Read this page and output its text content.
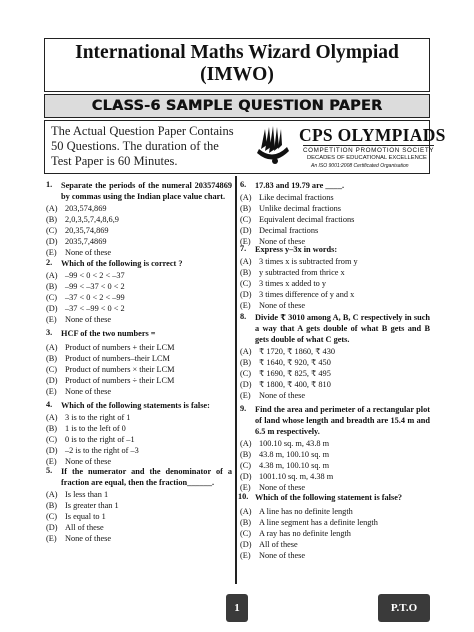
International Maths Wizard Olympiad
(IMWO)
CLASS-6 SAMPLE QUESTION PAPER
The Actual Question Paper Contains 50 Questions. The duration of the Test Paper is 60 Minutes.
CPS OLYMPIADS
COMPETITION PROMOTION SOCIETY
DECADES OF EDUCATIONAL EXCELLENCE
An ISO 9001:2008 Certificated Organisation
1. Separate the periods of the numeral 203574869 by commas using the Indian place value chart.
(A) 203,574,869
(B) 2,0,3,5,7,4,8,6,9
(C) 20,35,74,869
(D) 2035,7,4869
(E) None of these
2. Which of the following is correct ?
(A) –99 < 0 < 2 < –37
(B) –99 < –37 < 0 < 2
(C) –37 < 0 < 2 < –99
(D) –37 < –99 < 0 < 2
(E) None of these
3. HCF of the two numbers =
(A) Product of numbers + their LCM
(B) Product of numbers–their LCM
(C) Product of numbers × their LCM
(D) Product of numbers ÷ their LCM
(E) None of these
4. Which of the following statements is false:
(A) 3 is to the right of 1
(B) 1 is to the left of 0
(C) 0 is to the right of –1
(D) –2 is to the right of –3
(E) None of these
5. If the numerator and the denominator of a fraction are equal, then the fraction______.
(A) Is less than 1
(B) Is greater than 1
(C) Is equal to 1
(D) All of these
(E) None of these
6. 17.83 and 19.79 are ____.
(A) Like decimal fractions
(B) Unlike decimal fractions
(C) Equivalent decimal fractions
(D) Decimal fractions
(E) None of these
7. Express y–3x in words:
(A) 3 times x is subtracted from y
(B) y subtracted from thrice x
(C) 3 times x added to y
(D) 3 times difference of y and x
(E) None of these
8. Divide ₹ 3010 among A, B, C respectively in such a way that A gets double of what B gets and B gets double of what C gets.
(A) ₹ 1720, ₹ 1860, ₹ 430
(B) ₹ 1640, ₹ 920, ₹ 450
(C) ₹ 1690, ₹ 825, ₹ 495
(D) ₹ 1800, ₹ 400, ₹ 810
(E) None of these
9. Find the area and perimeter of a rectangular plot of land whose length and breadth are 15.4 m and 6.5 m respectively.
(A) 100.10 sq. m, 43.8 m
(B) 43.8 m, 100.10 sq. m
(C) 4.38 m, 100.10 sq. m
(D) 1001.10 sq. m, 4.38 m
(E) None of these
10. Which of the following statement is false?
(A) A line has no definite length
(B) A line segment has a definite length
(C) A ray has no definite length
(D) All of these
(E) None of these
1	P.T.O
